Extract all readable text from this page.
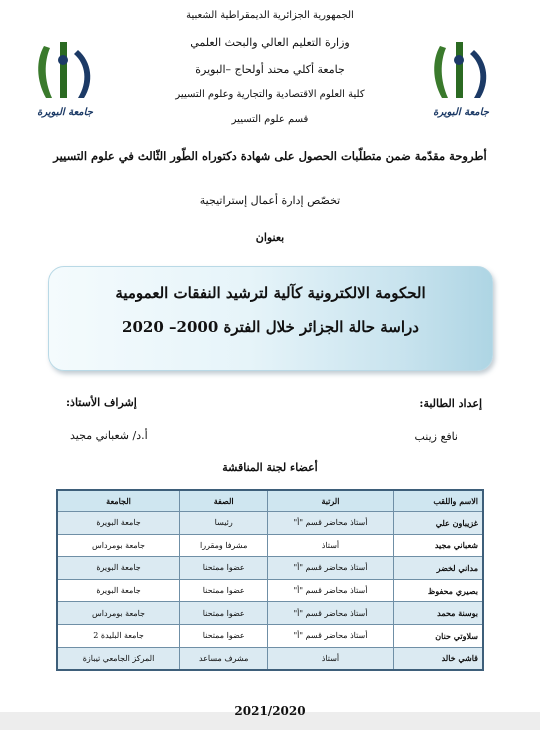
جامعة البويرة	جامعة البويرة
الجمهورية الجزائرية الديمقراطية الشعبية
وزارة التعليم العالي والبحث العلمي
جامعة أكلي محند أولحاج –البويرة
كلية العلوم الاقتصادية والتجارية وعلوم التسيير
قسم علوم التسيير
أطروحة مقدّمة ضمن متطلّبات الحصول على شهادة دكتوراه الطّور الثّالث في علوم التسيير
تخصّص إدارة أعمال إستراتيجية
بعنوان
الحكومة الالكترونية كآلية لترشيد النفقات العمومية
دراسة حالة الجزائر خلال الفترة 2000– 2020
إعداد الطالبة:
نافع زينب
إشراف الأستاذ:
أ.د/ شعباني مجيد
أعضاء لجنة المناقشة
الاسم واللقب	الرتبة	الصفة	الجامعة
غزيباون علي	أستاذ محاضر قسم "أ"	رئيسا	جامعة البويرة
شعباني مجيد	أستاذ	مشرفا ومقررا	جامعة بومرداس
مداني لخضر	أستاذ محاضر قسم "أ"	عضوا ممتحنا	جامعة البويرة
بصيري محفوظ	أستاذ محاضر قسم "أ"	عضوا ممتحنا	جامعة البويرة
بوسنة محمد	أستاذ محاضر قسم "أ"	عضوا ممتحنا	جامعة بومرداس
سلاوتي حنان	أستاذ محاضر قسم "أ"	عضوا ممتحنا	جامعة البليدة 2
قاشي خالد	أستاذ	مشرف مساعد	المركز الجامعي تيبازة
2021/2020
